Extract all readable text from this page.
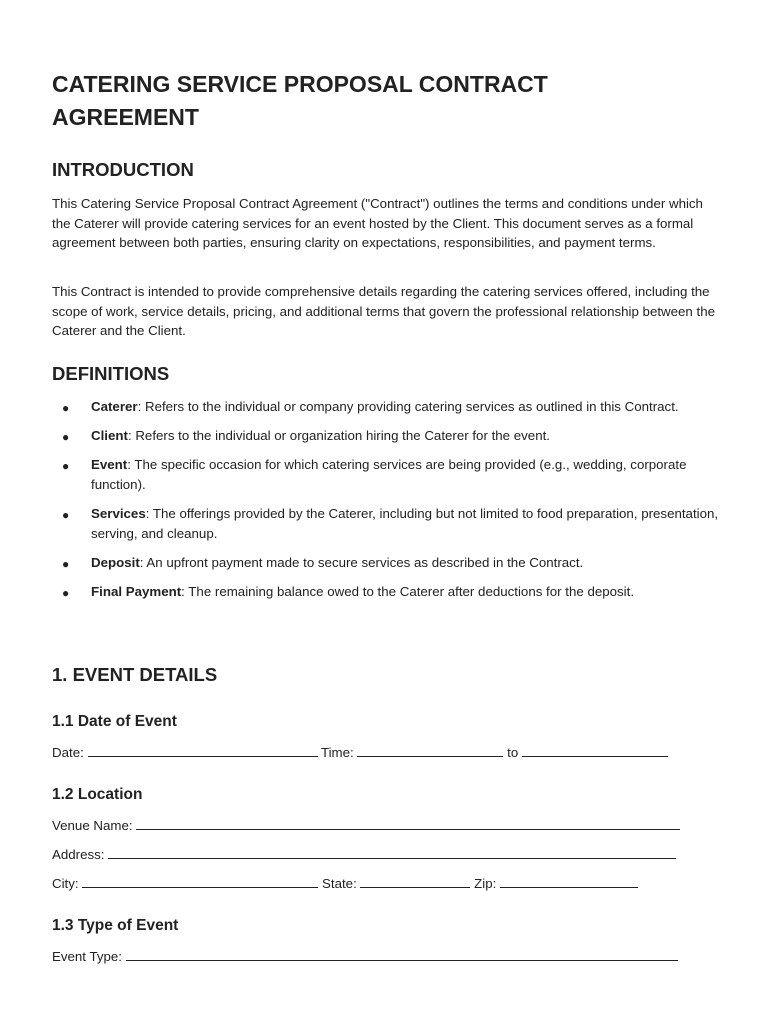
CATERING SERVICE PROPOSAL CONTRACT AGREEMENT
INTRODUCTION

This Catering Service Proposal Contract Agreement ("Contract") outlines the terms and conditions under which the Caterer will provide catering services for an event hosted by the Client. This document serves as a formal agreement between both parties, ensuring clarity on expectations, responsibilities, and payment terms.

This Contract is intended to provide comprehensive details regarding the catering services offered, including the scope of work, service details, pricing, and additional terms that govern the professional relationship between the Caterer and the Client.

DEFINITIONS
● Caterer: Refers to the individual or company providing catering services as outlined in this Contract.
● Client: Refers to the individual or organization hiring the Caterer for the event.
● Event: The specific occasion for which catering services are being provided (e.g., wedding, corporate function).
● Services: The offerings provided by the Caterer, including but not limited to food preparation, presentation, serving, and cleanup.
● Deposit: An upfront payment made to secure services as described in the Contract.
● Final Payment: The remaining balance owed to the Caterer after deductions for the deposit.
1. EVENT DETAILS
1.1 Date of Event
Date:	Time:	to
1.2 Location
Venue Name:
Address:
City:	State:	Zip:
1.3 Type of Event
Event Type:
